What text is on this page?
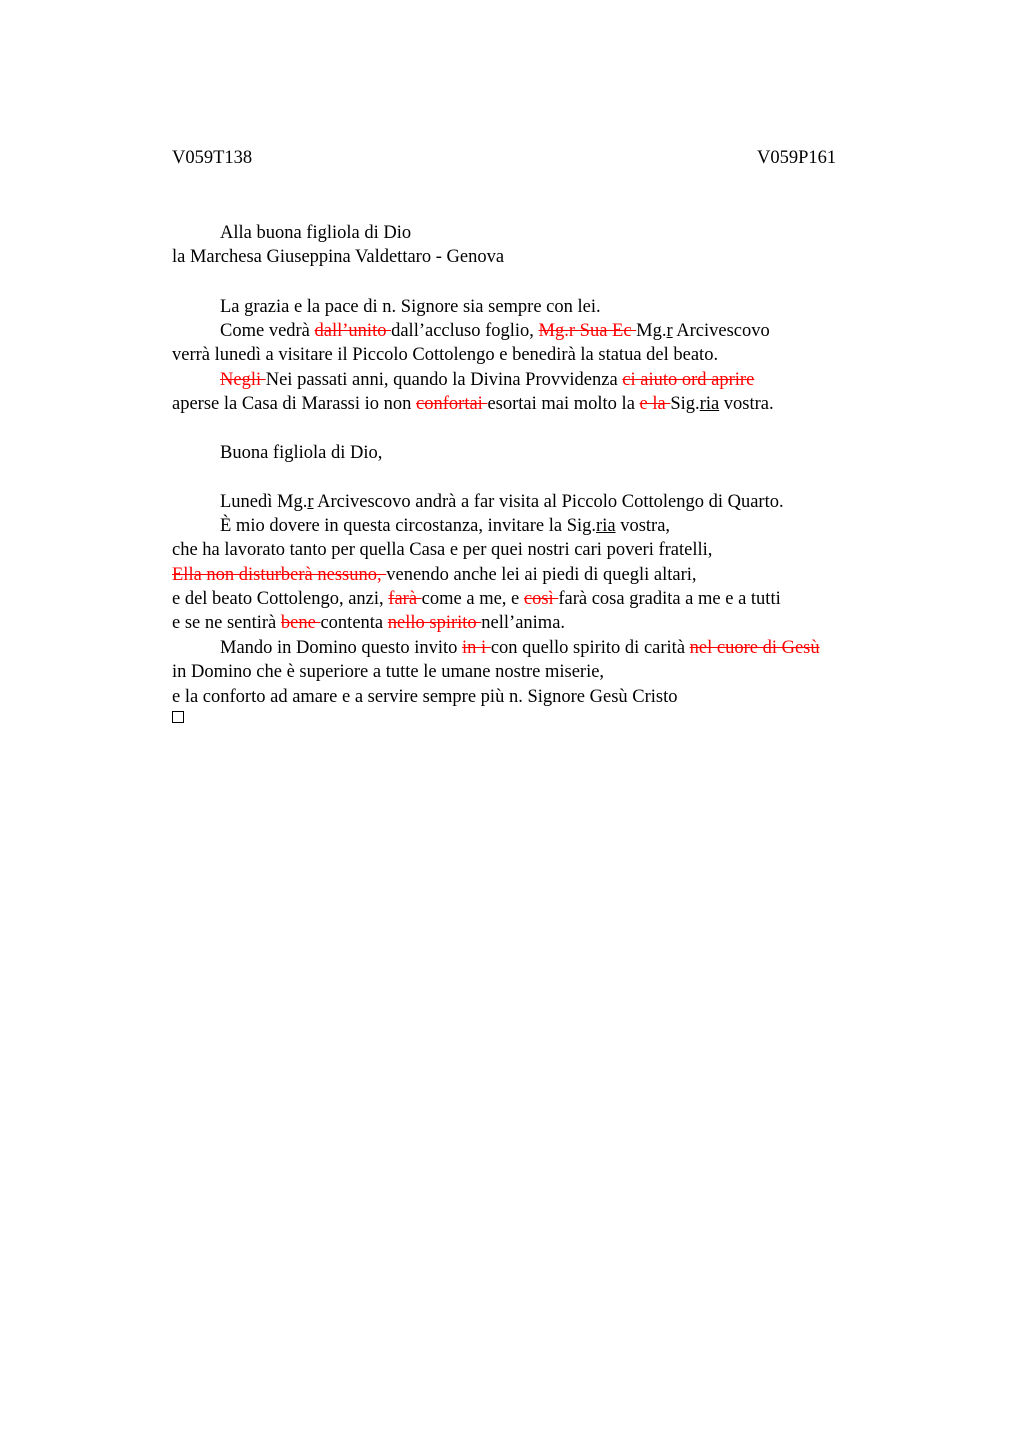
V059T138	V059P161
Alla buona figliola di Dio
la Marchesa Giuseppina Valdettaro - Genova
La grazia e la pace di n. Signore sia sempre con lei.
Come vedrà dall’unito dall’accluso foglio, Mg.r Sua Ec Mg.r Arcivescovo
verrà lunedì a visitare il Piccolo Cottolengo e benedirà la statua del beato.
Negli Nei passati anni, quando la Divina Provvidenza ci aiuto ord aprire
aperse la Casa di Marassi io non confortai esortai mai molto la e la Sig.ria vostra.
Buona figliola di Dio,
Lunedì Mg.r Arcivescovo andrà a far visita al Piccolo Cottolengo di Quarto.
È mio dovere in questa circostanza, invitare la Sig.ria vostra,
che ha lavorato tanto per quella Casa e per quei nostri cari poveri fratelli,
Ella non disturberà nessuno, venendo anche lei ai piedi di quegli altari,
e del beato Cottolengo, anzi, farà come a me, e così farà cosa gradita a me e a tutti
e se ne sentirà bene contenta nello spirito nell’anima.
Mando in Domino questo invito in i con quello spirito di carità nel cuore di Gesù
in Domino che è superiore a tutte le umane nostre miserie,
e la conforto ad amare e a servire sempre più n. Signore Gesù Cristo
